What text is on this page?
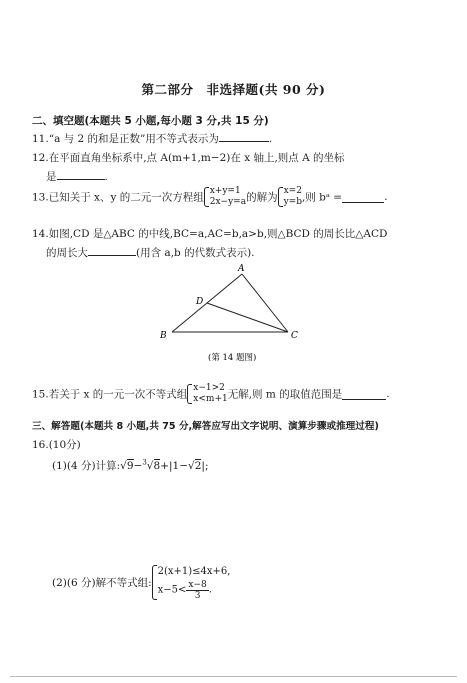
第二部分　非选择题(共 90 分)
二、填空题(本题共 5 小题,每小题 3 分,共 15 分)
11.“a 与 2 的和是正数”用不等式表示为	.
12.在平面直角坐标系中,点 A(m+1,m−2)在 x 轴上,则点 A 的坐标
是	.
13.已知关于 x、y 的二元一次方程组
x+y=1
2x−y=a 的解为
x=2
y=b ,则 bᵃ =	.
14.如图,CD 是△ABC 的中线,BC=a,AC=b,a>b,则△BCD 的周长比△ACD
的周长大	(用含 a,b 的代数式表示).
A
B	C
D
(第 14 题图)
15.若关于 x 的一元一次不等式组
x−1>2
x<m+1 无解,则 m 的取值范围是	.
三、解答题(本题共 8 小题,共 75 分,解答应写出文字说明、演算步骤或推理过程)
16.(10分)
(1)(4 分)计算:√9−$^3$√8+|1−√2|;
(2)(6 分)解不等式组:
2(x+1)≤4x+6,
$x-5< \frac{x-8}{3}$ .
